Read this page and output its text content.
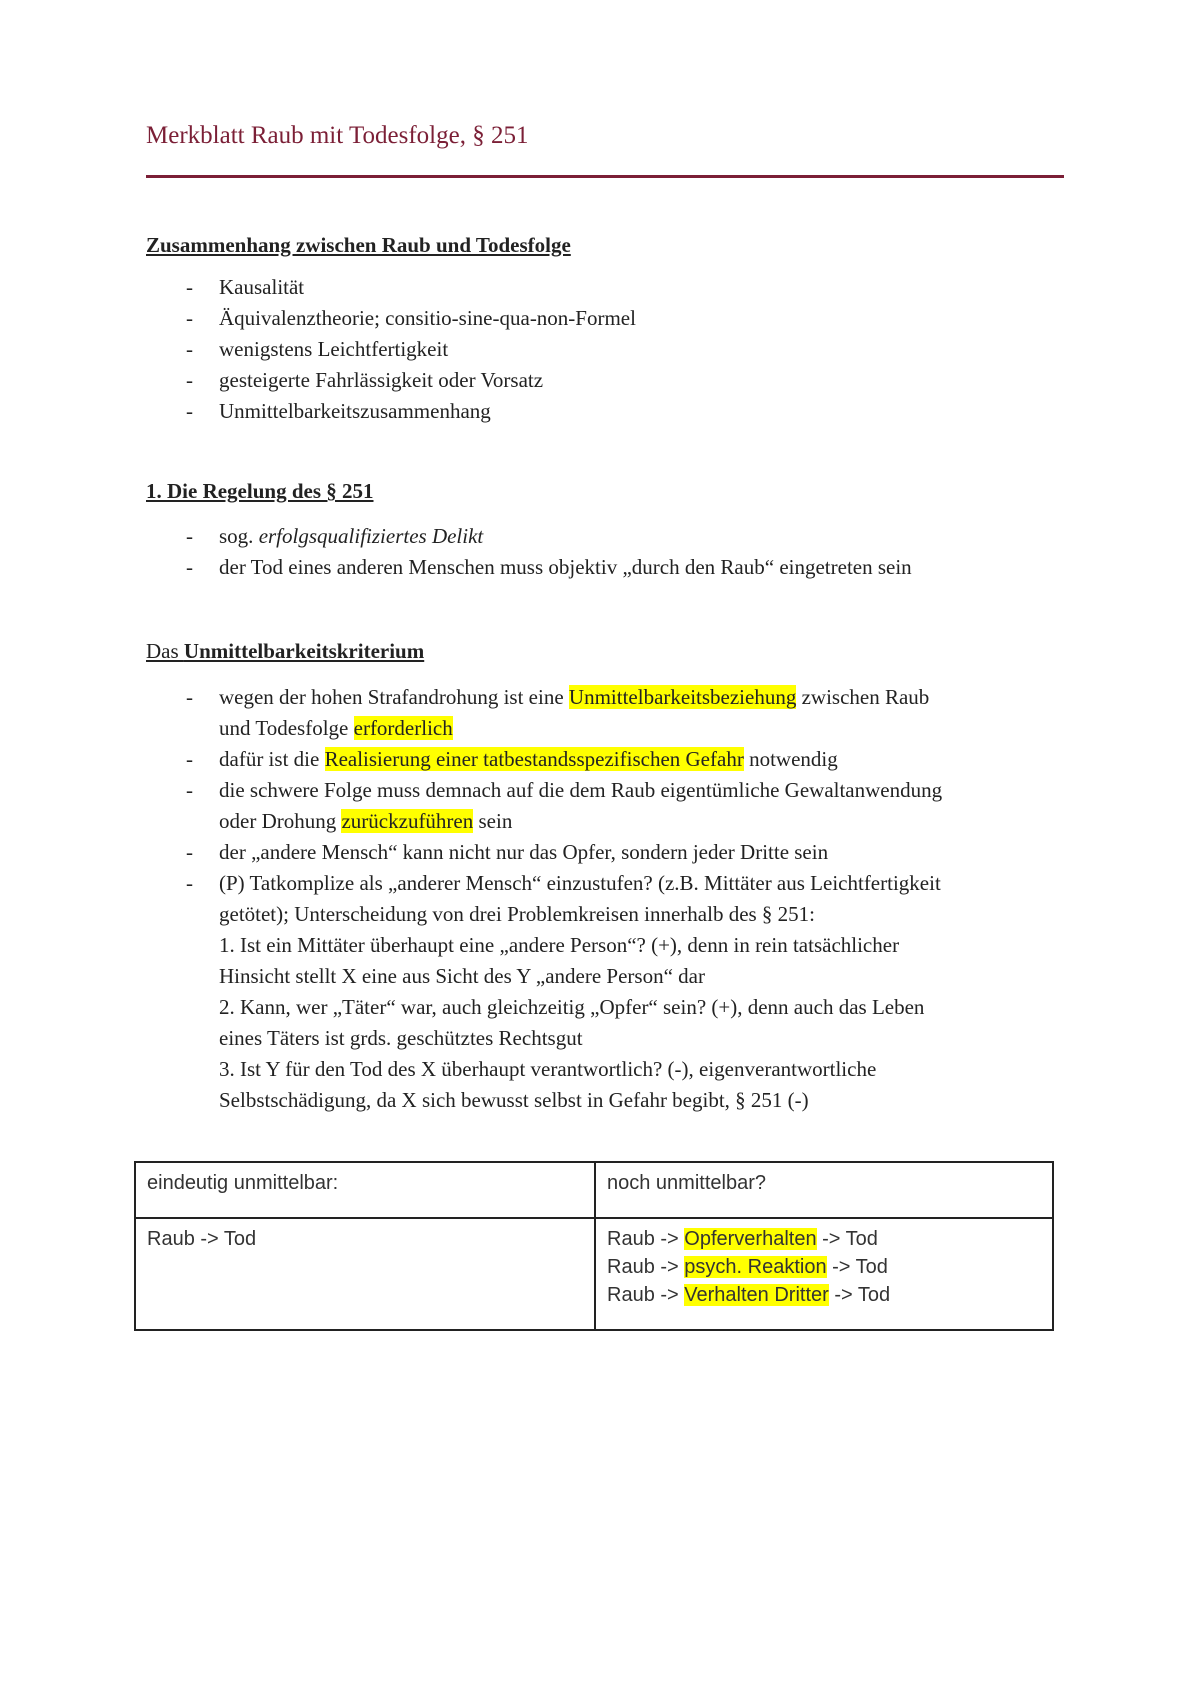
Merkblatt Raub mit Todesfolge, § 251
Zusammenhang zwischen Raub und Todesfolge
- Kausalität
- Äquivalenztheorie; consitio-sine-qua-non-Formel
- wenigstens Leichtfertigkeit
- gesteigerte Fahrlässigkeit oder Vorsatz
- Unmittelbarkeitszusammenhang
1. Die Regelung des § 251
- sog. erfolgsqualifiziertes Delikt
- der Tod eines anderen Menschen muss objektiv „durch den Raub“ eingetreten sein
Das Unmittelbarkeitskriterium
- wegen der hohen Strafandrohung ist eine Unmittelbarkeitsbeziehung zwischen Raub
und Todesfolge erforderlich
- dafür ist die Realisierung einer tatbestandsspezifischen Gefahr notwendig
- die schwere Folge muss demnach auf die dem Raub eigentümliche Gewaltanwendung
oder Drohung zurückzuführen sein
- der „andere Mensch“ kann nicht nur das Opfer, sondern jeder Dritte sein
- (P) Tatkomplize als „anderer Mensch“ einzustufen? (z.B. Mittäter aus Leichtfertigkeit
getötet); Unterscheidung von drei Problemkreisen innerhalb des § 251:
1. Ist ein Mittäter überhaupt eine „andere Person“? (+), denn in rein tatsächlicher
Hinsicht stellt X eine aus Sicht des Y „andere Person“ dar
2. Kann, wer „Täter“ war, auch gleichzeitig „Opfer“ sein? (+), denn auch das Leben
eines Täters ist grds. geschütztes Rechtsgut
3. Ist Y für den Tod des X überhaupt verantwortlich? (-), eigenverantwortliche
Selbstschädigung, da X sich bewusst selbst in Gefahr begibt, § 251 (-)
eindeutig unmittelbar:	noch unmittelbar?
Raub -> Tod	Raub -> Opferverhalten -> Tod
Raub -> psych. Reaktion -> Tod
Raub -> Verhalten Dritter -> Tod
